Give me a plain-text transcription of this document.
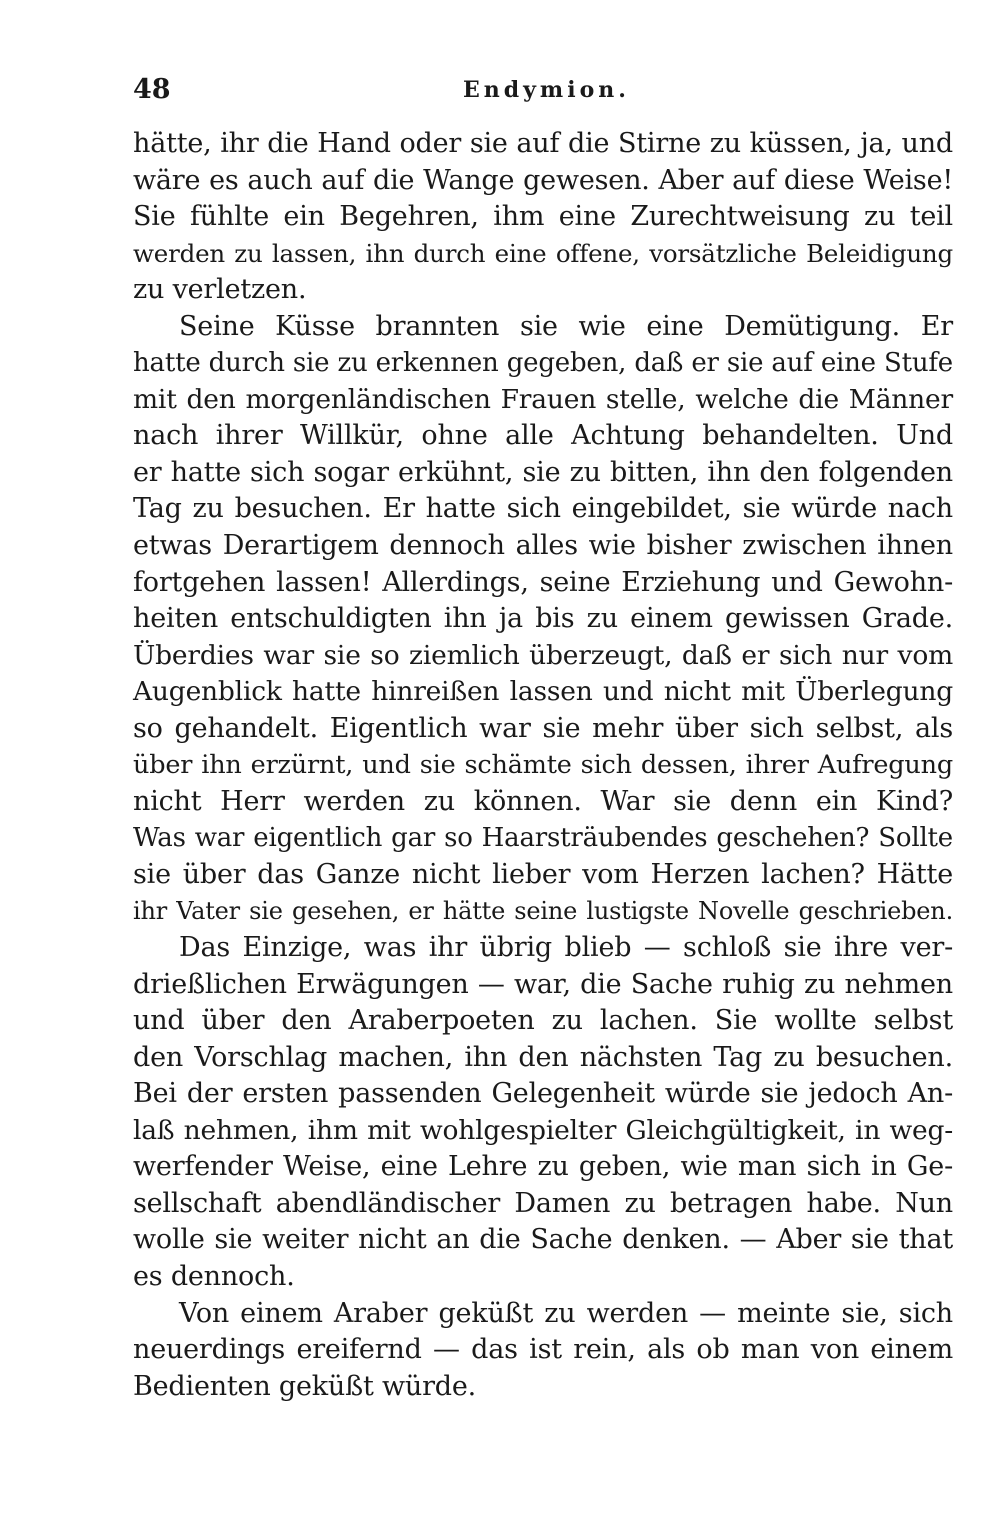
48	Endymion.
hätte, ihr die Hand oder sie auf die Stirne zu küssen, ja, und
wäre es auch auf die Wange gewesen. Aber auf diese Weise!
Sie fühlte ein Begehren, ihm eine Zurechtweisung zu teil
werden zu lassen, ihn durch eine offene, vorsätzliche Beleidigung
zu verletzen.
Seine Küsse brannten sie wie eine Demütigung. Er
hatte durch sie zu erkennen gegeben, daß er sie auf eine Stufe
mit den morgenländischen Frauen stelle, welche die Männer
nach ihrer Willkür, ohne alle Achtung behandelten. Und
er hatte sich sogar erkühnt, sie zu bitten, ihn den folgenden
Tag zu besuchen. Er hatte sich eingebildet, sie würde nach
etwas Derartigem dennoch alles wie bisher zwischen ihnen
fortgehen lassen! Allerdings, seine Erziehung und Gewohn-
heiten entschuldigten ihn ja bis zu einem gewissen Grade.
Überdies war sie so ziemlich überzeugt, daß er sich nur vom
Augenblick hatte hinreißen lassen und nicht mit Überlegung
so gehandelt. Eigentlich war sie mehr über sich selbst, als
über ihn erzürnt, und sie schämte sich dessen, ihrer Aufregung
nicht Herr werden zu können. War sie denn ein Kind?
Was war eigentlich gar so Haarsträubendes geschehen? Sollte
sie über das Ganze nicht lieber vom Herzen lachen? Hätte
ihr Vater sie gesehen, er hätte seine lustigste Novelle geschrieben.
Das Einzige, was ihr übrig blieb — schloß sie ihre ver-
drießlichen Erwägungen — war, die Sache ruhig zu nehmen
und über den Araberpoeten zu lachen. Sie wollte selbst
den Vorschlag machen, ihn den nächsten Tag zu besuchen.
Bei der ersten passenden Gelegenheit würde sie jedoch An-
laß nehmen, ihm mit wohlgespielter Gleichgültigkeit, in weg-
werfender Weise, eine Lehre zu geben, wie man sich in Ge-
sellschaft abendländischer Damen zu betragen habe. Nun
wolle sie weiter nicht an die Sache denken. — Aber sie that
es dennoch.
Von einem Araber geküßt zu werden — meinte sie, sich
neuerdings ereifernd — das ist rein, als ob man von einem
Bedienten geküßt würde.
